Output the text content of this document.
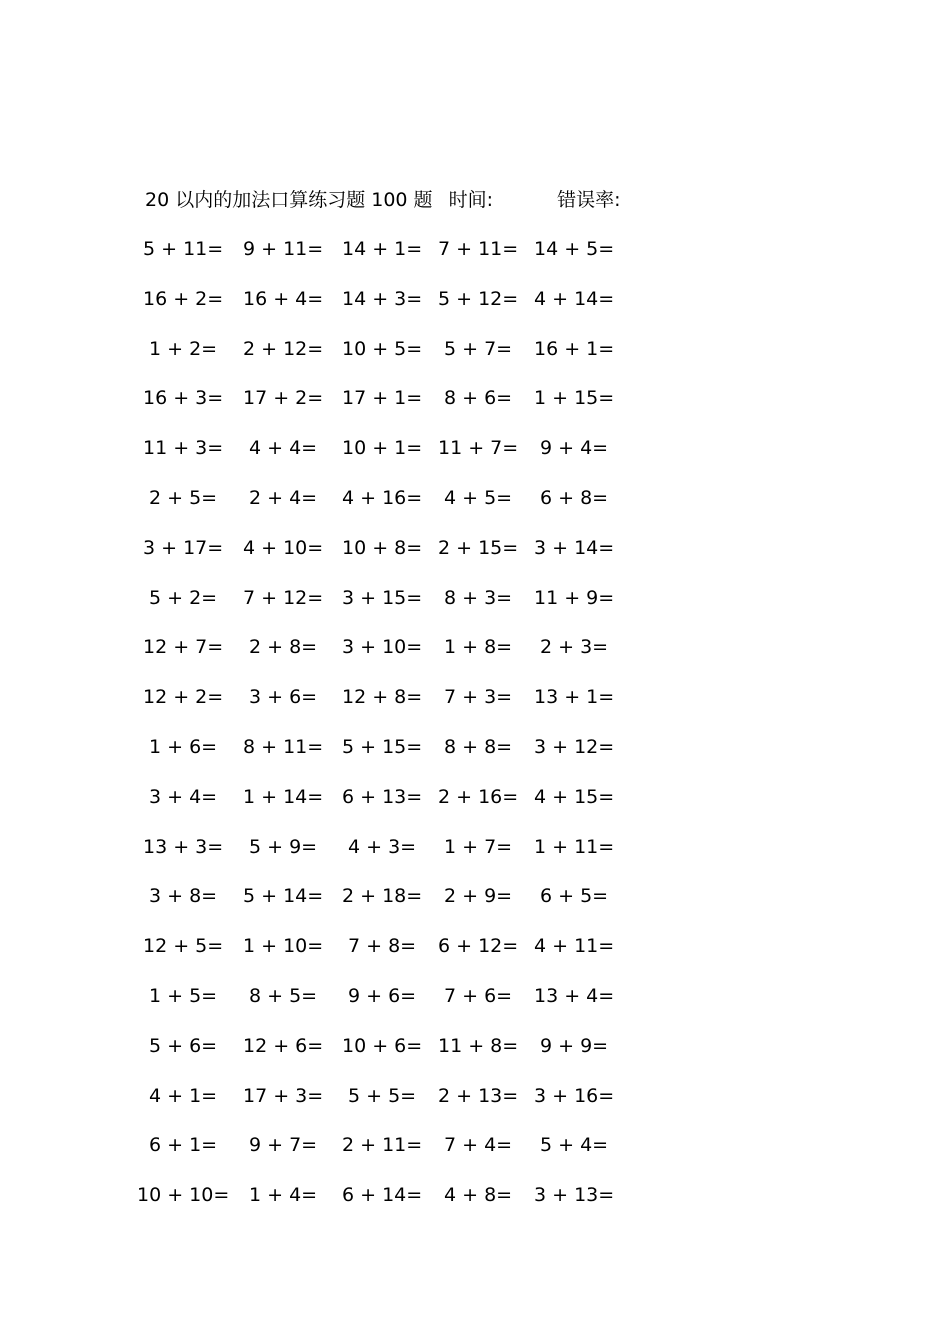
20 以内的加法口算练习题 100 题 时间:	错误率:
5 + 11= 9 + 11= 14 + 1= 7 + 11= 14 + 5=
16 + 2= 16 + 4= 14 + 3= 5 + 12= 4 + 14=
1 + 2= 2 + 12= 10 + 5= 5 + 7= 16 + 1=
16 + 3= 17 + 2= 17 + 1= 8 + 6= 1 + 15=
11 + 3= 4 + 4= 10 + 1= 11 + 7= 9 + 4=
2 + 5= 2 + 4= 4 + 16= 4 + 5= 6 + 8=
3 + 17= 4 + 10= 10 + 8= 2 + 15= 3 + 14=
5 + 2= 7 + 12= 3 + 15= 8 + 3= 11 + 9=
12 + 7= 2 + 8= 3 + 10= 1 + 8= 2 + 3=
12 + 2= 3 + 6= 12 + 8= 7 + 3= 13 + 1=
1 + 6= 8 + 11= 5 + 15= 8 + 8= 3 + 12=
3 + 4= 1 + 14= 6 + 13= 2 + 16= 4 + 15=
13 + 3= 5 + 9= 4 + 3= 1 + 7= 1 + 11=
3 + 8= 5 + 14= 2 + 18= 2 + 9= 6 + 5=
12 + 5= 1 + 10= 7 + 8= 6 + 12= 4 + 11=
1 + 5= 8 + 5= 9 + 6= 7 + 6= 13 + 4=
5 + 6= 12 + 6= 10 + 6= 11 + 8= 9 + 9=
4 + 1= 17 + 3= 5 + 5= 2 + 13= 3 + 16=
6 + 1= 9 + 7= 2 + 11= 7 + 4= 5 + 4=
10 + 10= 1 + 4= 6 + 14= 4 + 8= 3 + 13=
